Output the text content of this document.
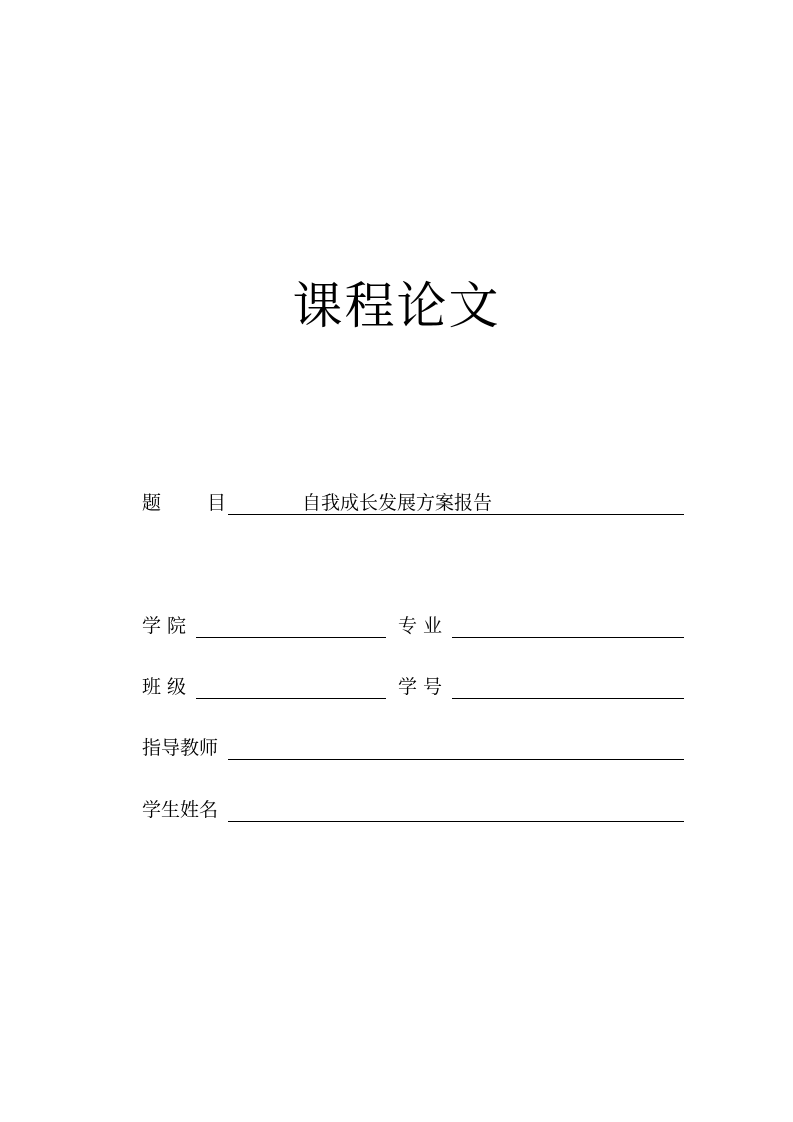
课程论文
题 目	自我成长发展方案报告
学 院	专 业
班 级	学 号
指导教师
学生姓名
